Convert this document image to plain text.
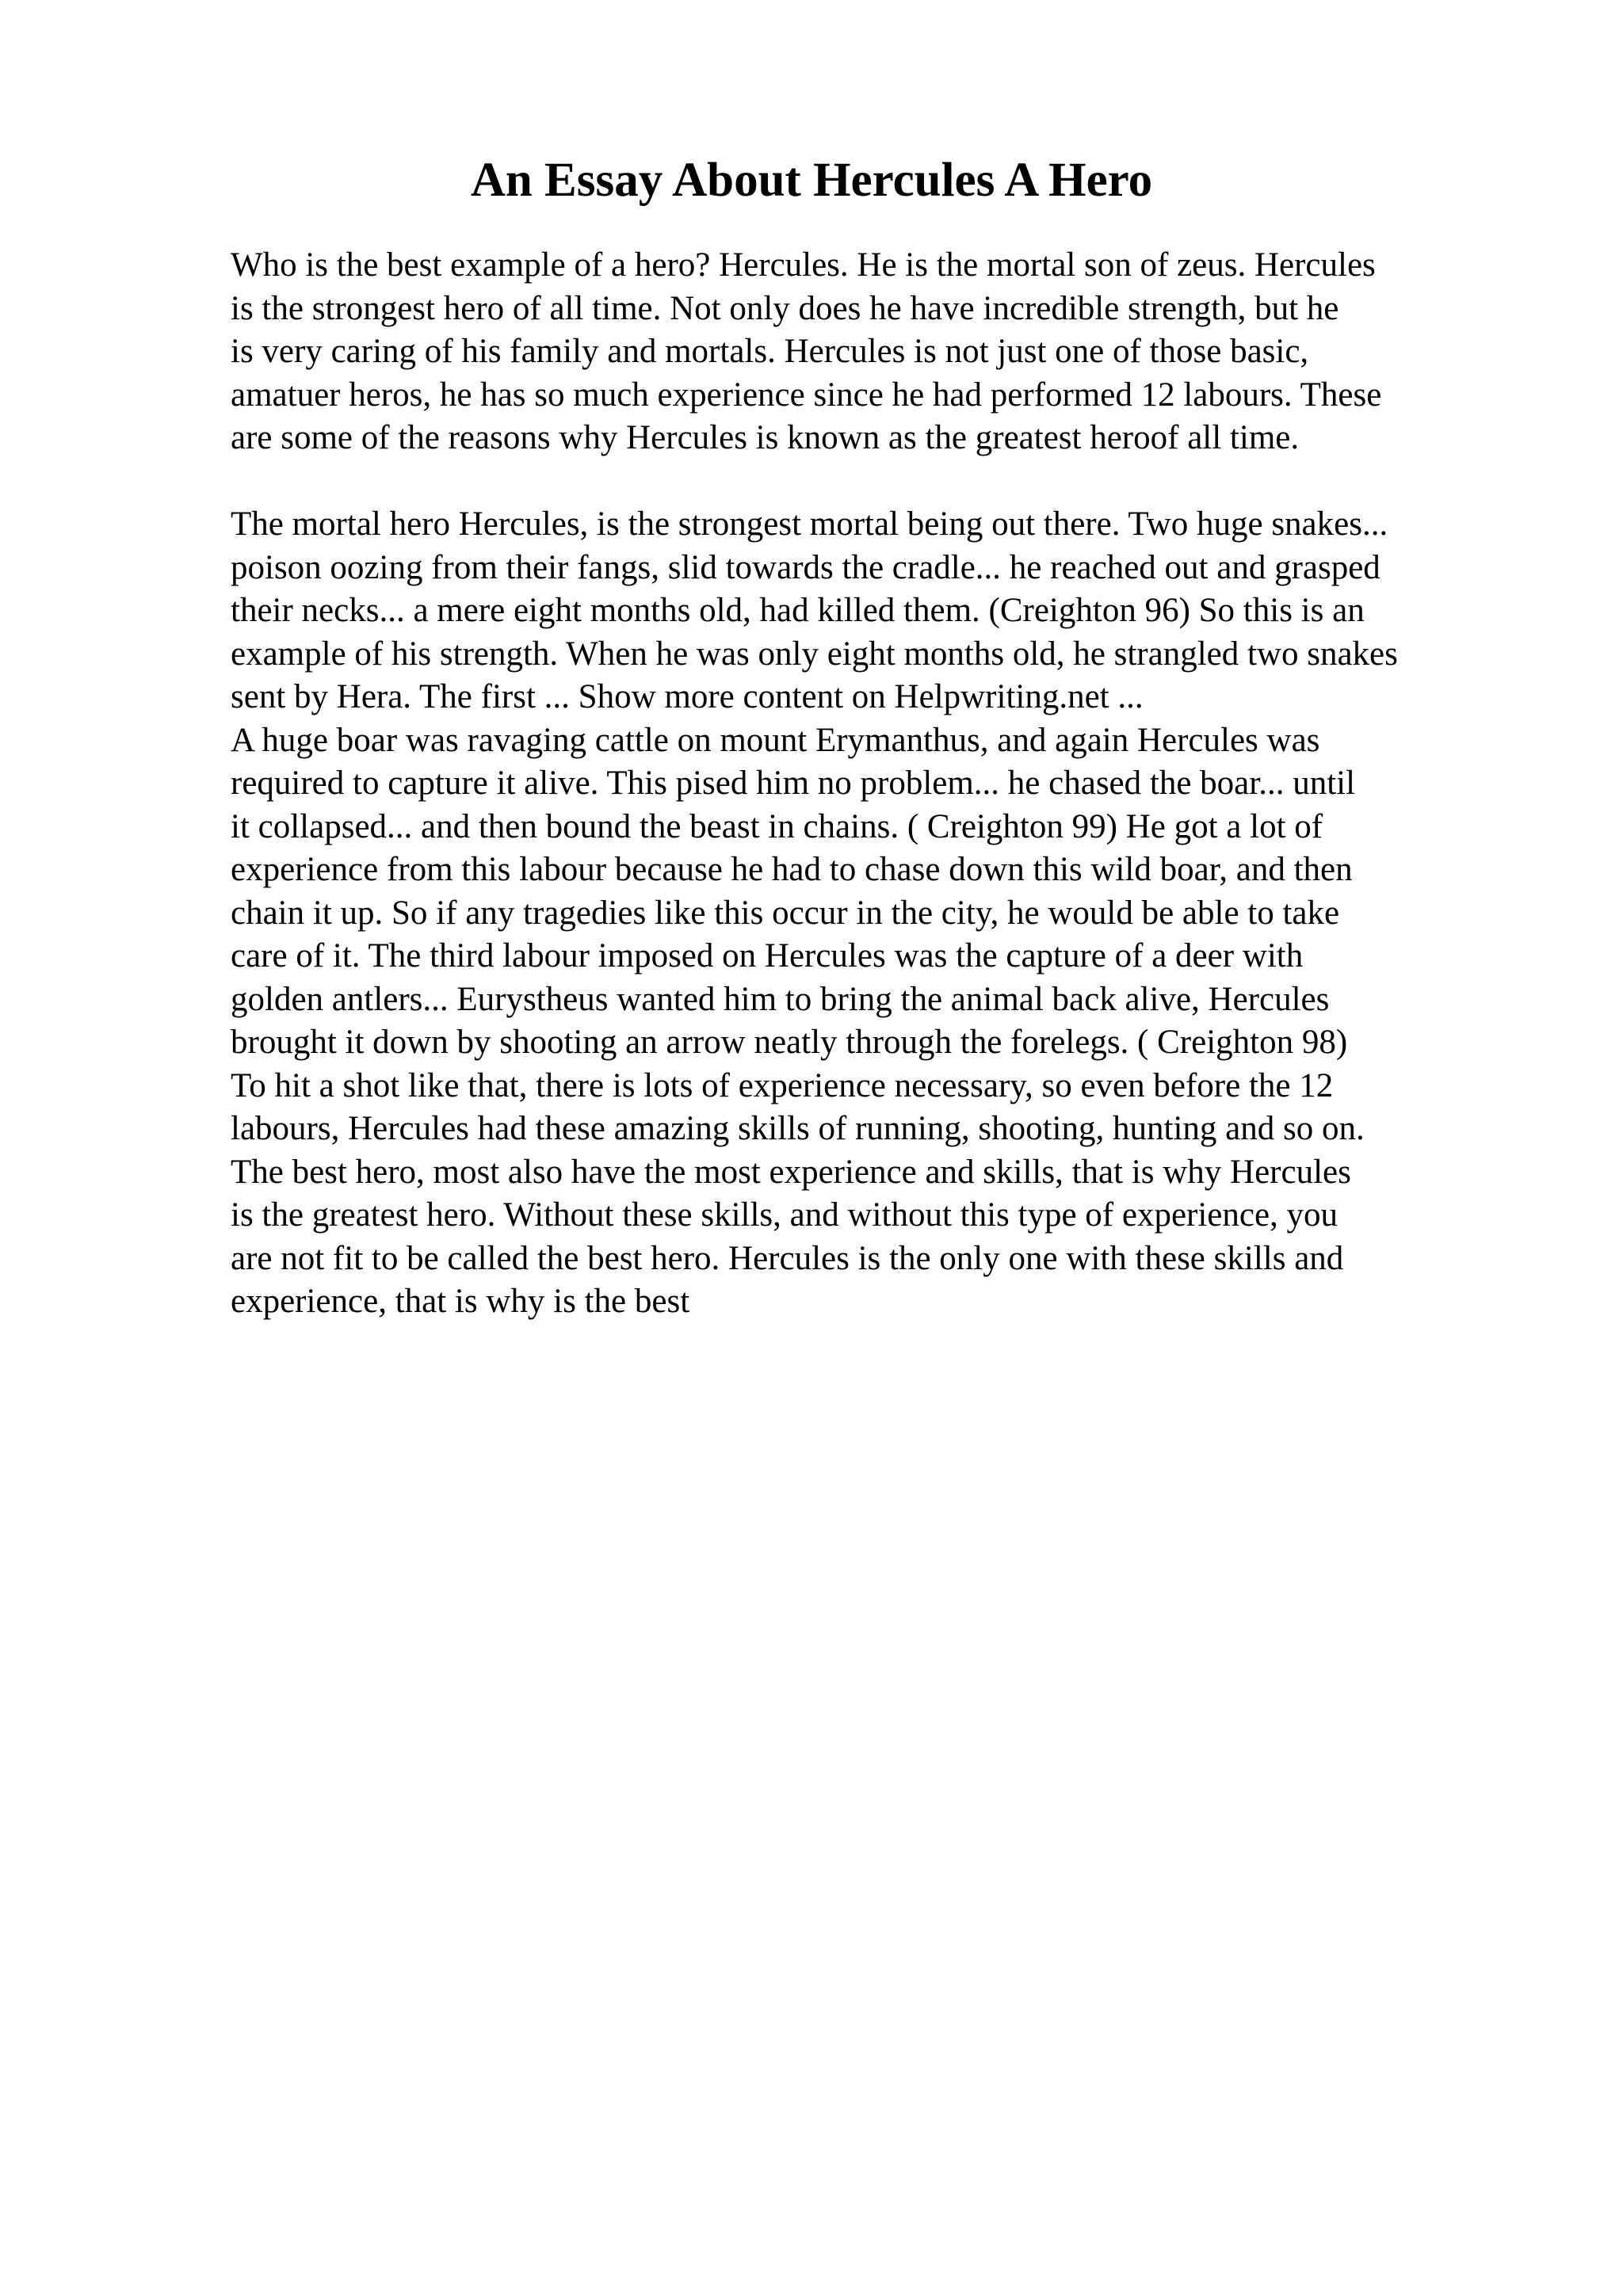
An Essay About Hercules A Hero
Who is the best example of a hero? Hercules. He is the mortal son of zeus. Hercules
is the strongest hero of all time. Not only does he have incredible strength, but he
is very caring of his family and mortals. Hercules is not just one of those basic,
amatuer heros, he has so much experience since he had performed 12 labours. These
are some of the reasons why Hercules is known as the greatest heroof all time.
The mortal hero Hercules, is the strongest mortal being out there. Two huge snakes...
poison oozing from their fangs, slid towards the cradle... he reached out and grasped
their necks... a mere eight months old, had killed them. (Creighton 96) So this is an
example of his strength. When he was only eight months old, he strangled two snakes
sent by Hera. The first ... Show more content on Helpwriting.net ...
A huge boar was ravaging cattle on mount Erymanthus, and again Hercules was
required to capture it alive. This pised him no problem... he chased the boar... until
it collapsed... and then bound the beast in chains. ( Creighton 99) He got a lot of
experience from this labour because he had to chase down this wild boar, and then
chain it up. So if any tragedies like this occur in the city, he would be able to take
care of it. The third labour imposed on Hercules was the capture of a deer with
golden antlers... Eurystheus wanted him to bring the animal back alive, Hercules
brought it down by shooting an arrow neatly through the forelegs. ( Creighton 98)
To hit a shot like that, there is lots of experience necessary, so even before the 12
labours, Hercules had these amazing skills of running, shooting, hunting and so on.
The best hero, most also have the most experience and skills, that is why Hercules
is the greatest hero. Without these skills, and without this type of experience, you
are not fit to be called the best hero. Hercules is the only one with these skills and
experience, that is why is the best
